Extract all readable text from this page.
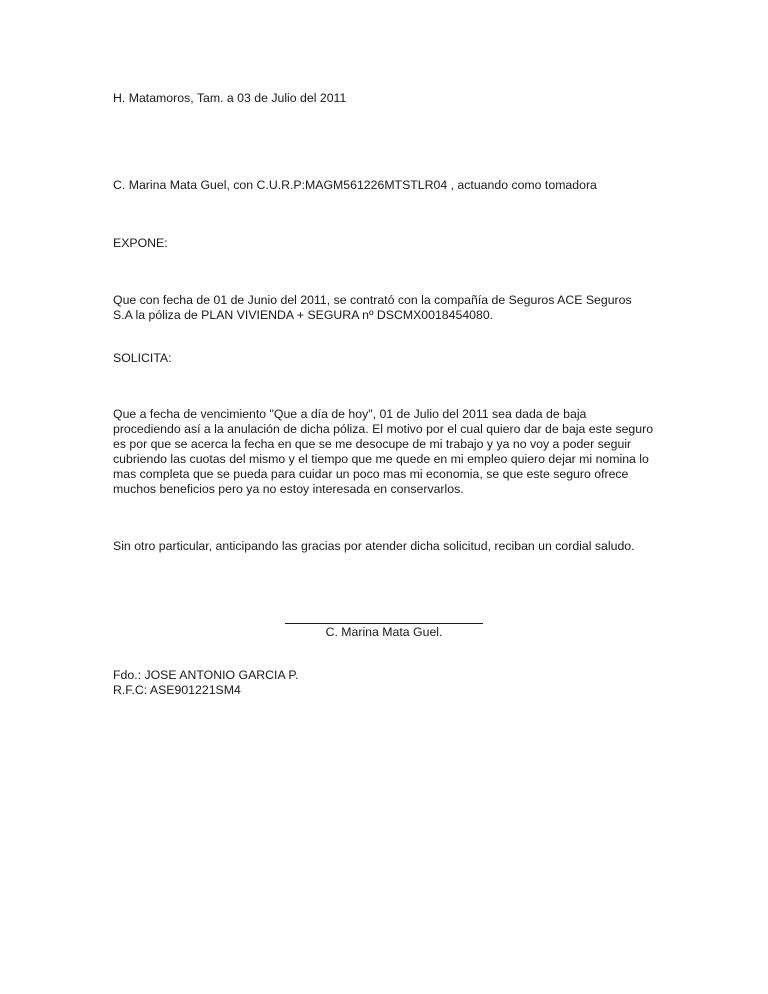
H. Matamoros, Tam. a 03 de Julio del 2011
C. Marina Mata Guel, con C.U.R.P:MAGM561226MTSTLR04 , actuando como tomadora
EXPONE:
Que con fecha de 01 de Junio del 2011, se contrató con la compañía de Seguros ACE Seguros
S.A la póliza de PLAN VIVIENDA + SEGURA nº DSCMX0018454080.
SOLICITA:
Que a fecha de vencimiento "Que a día de hoy", 01 de Julio del 2011 sea dada de baja
procediendo así a la anulación de dicha póliza. El motivo por el cual quiero dar de baja este seguro
es por que se acerca la fecha en que se me desocupe de mi trabajo y ya no voy a poder seguir
cubriendo las cuotas del mismo y el tiempo que me quede en mi empleo quiero dejar mi nomina lo
mas completa que se pueda para cuidar un poco mas mi economia, se que este seguro ofrece
muchos beneficios pero ya no estoy interesada en conservarlos.
Sin otro particular, anticipando las gracias por atender dicha solicitud, reciban un cordial saludo.
C. Marina Mata Guel.
Fdo.: JOSE ANTONIO GARCIA P.
R.F.C: ASE901221SM4
